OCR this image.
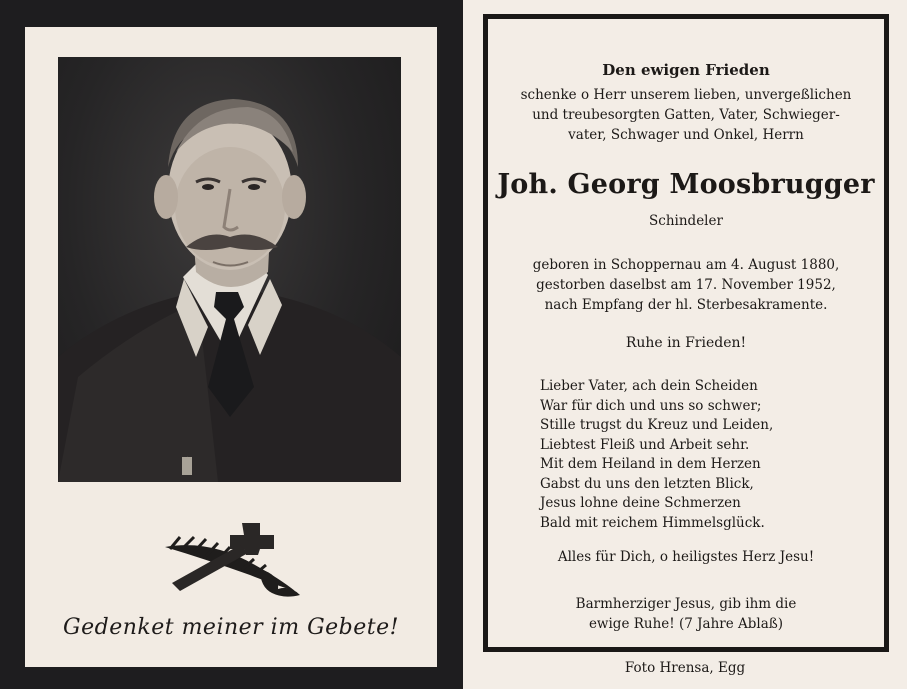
Gedenket meiner im Gebete!
Den ewigen Frieden
schenke o Herr unserem lieben, unvergeßlichen
und treubesorgten Gatten, Vater, Schwieger-
vater, Schwager und Onkel, Herrn
Joh. Georg Moosbrugger
Schindeler
geboren in Schoppernau am 4. August 1880,
gestorben daselbst am 17. November 1952,
nach Empfang der hl. Sterbesakramente.
Ruhe in Frieden!
Lieber Vater, ach dein Scheiden
War für dich und uns so schwer;
Stille trugst du Kreuz und Leiden,
Liebtest Fleiß und Arbeit sehr.
Mit dem Heiland in dem Herzen
Gabst du uns den letzten Blick,
Jesus lohne deine Schmerzen
Bald mit reichem Himmelsglück.
Alles für Dich, o heiligstes Herz Jesu!
Barmherziger Jesus, gib ihm die
ewige Ruhe! (7 Jahre Ablaß)
Foto Hrensa, Egg
